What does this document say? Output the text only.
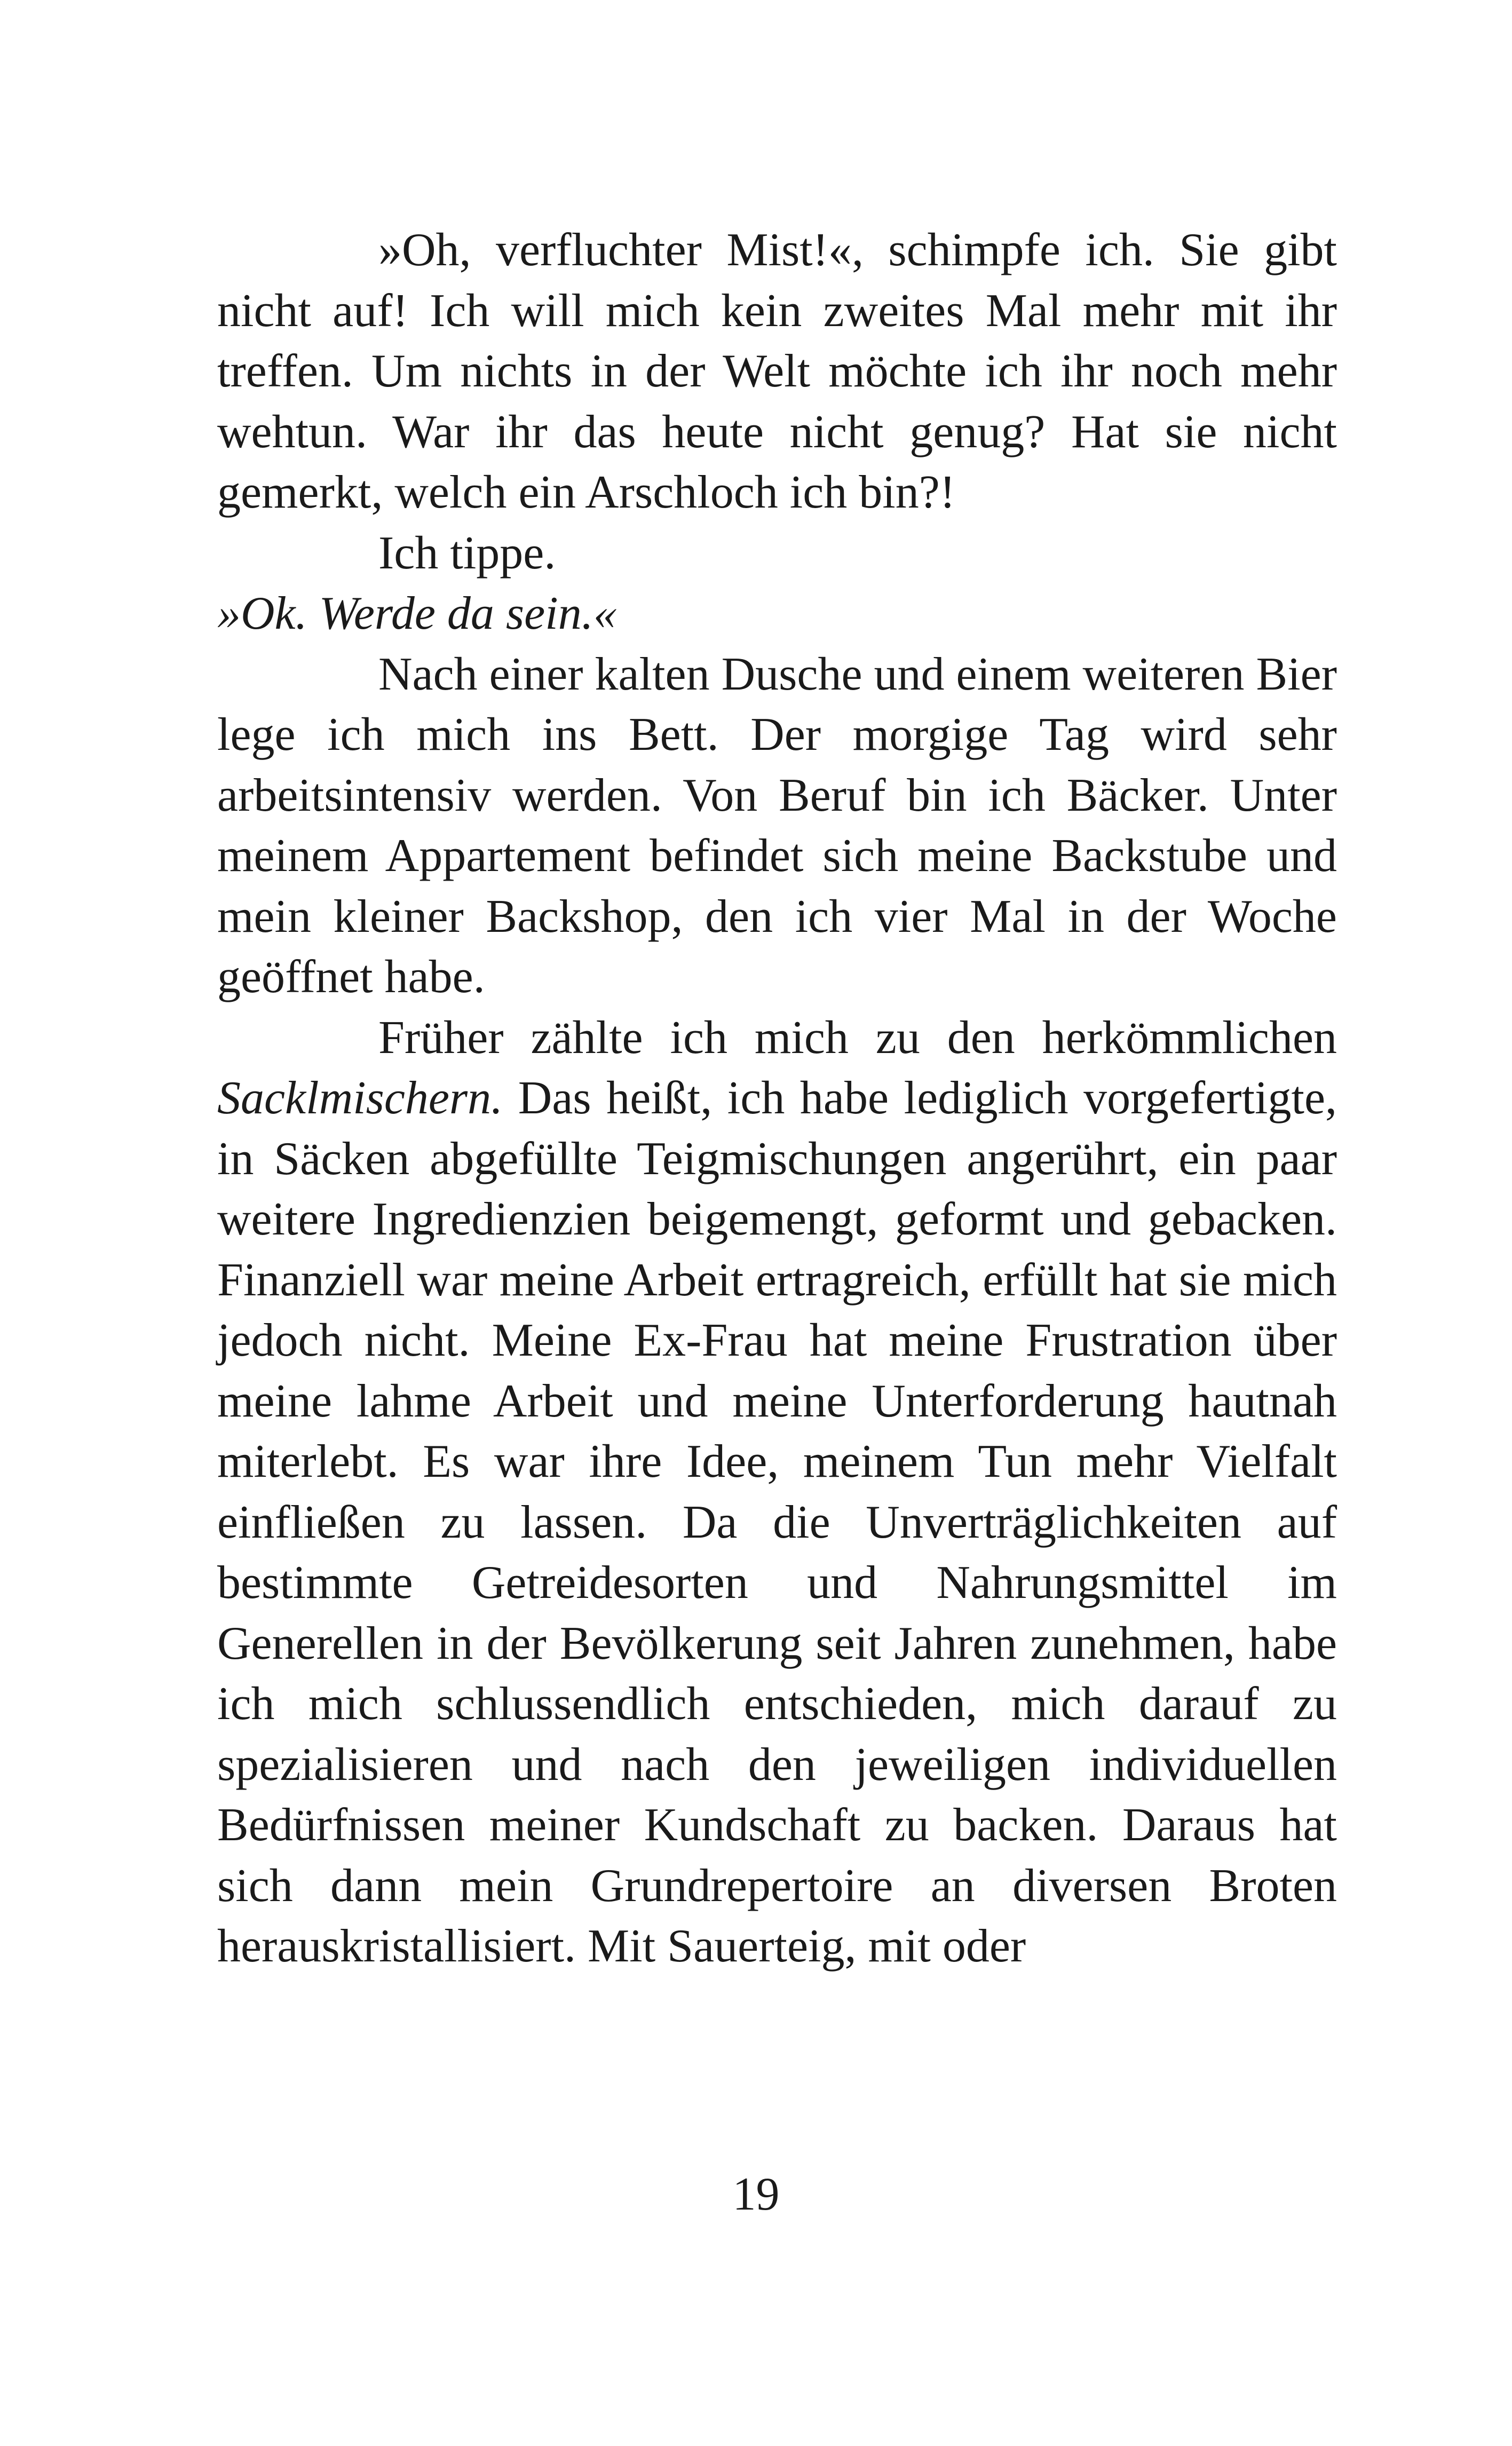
»Oh, verfluchter Mist!«, schimpfe ich. Sie gibt nicht auf! Ich will mich kein zweites Mal mehr mit ihr treffen. Um nichts in der Welt möchte ich ihr noch mehr wehtun. War ihr das heute nicht genug? Hat sie nicht gemerkt, welch ein Arschloch ich bin?!

Ich tippe.

»Ok. Werde da sein.«

Nach einer kalten Dusche und einem weiteren Bier lege ich mich ins Bett. Der morgige Tag wird sehr arbeitsintensiv werden. Von Beruf bin ich Bäcker. Unter meinem Appartement befindet sich meine Backstube und mein kleiner Backshop, den ich vier Mal in der Woche geöffnet habe.

Früher zählte ich mich zu den herkömmlichen Sacklmischern. Das heißt, ich habe lediglich vorgefertigte, in Säcken abgefüllte Teigmischungen angerührt, ein paar weitere Ingredienzien beigemengt, geformt und gebacken. Finanziell war meine Arbeit ertragreich, erfüllt hat sie mich jedoch nicht. Meine Ex-Frau hat meine Frustration über meine lahme Arbeit und meine Unterforderung hautnah miterlebt. Es war ihre Idee, meinem Tun mehr Vielfalt einfließen zu lassen. Da die Unverträglichkeiten auf bestimmte Getreidesorten und Nahrungsmittel im Generellen in der Bevölkerung seit Jahren zunehmen, habe ich mich schlussendlich entschieden, mich darauf zu spezialisieren und nach den jeweiligen individuellen Bedürfnissen meiner Kundschaft zu backen. Daraus hat sich dann mein Grundrepertoire an diversen Broten herauskristallisiert. Mit Sauerteig, mit oder

19
